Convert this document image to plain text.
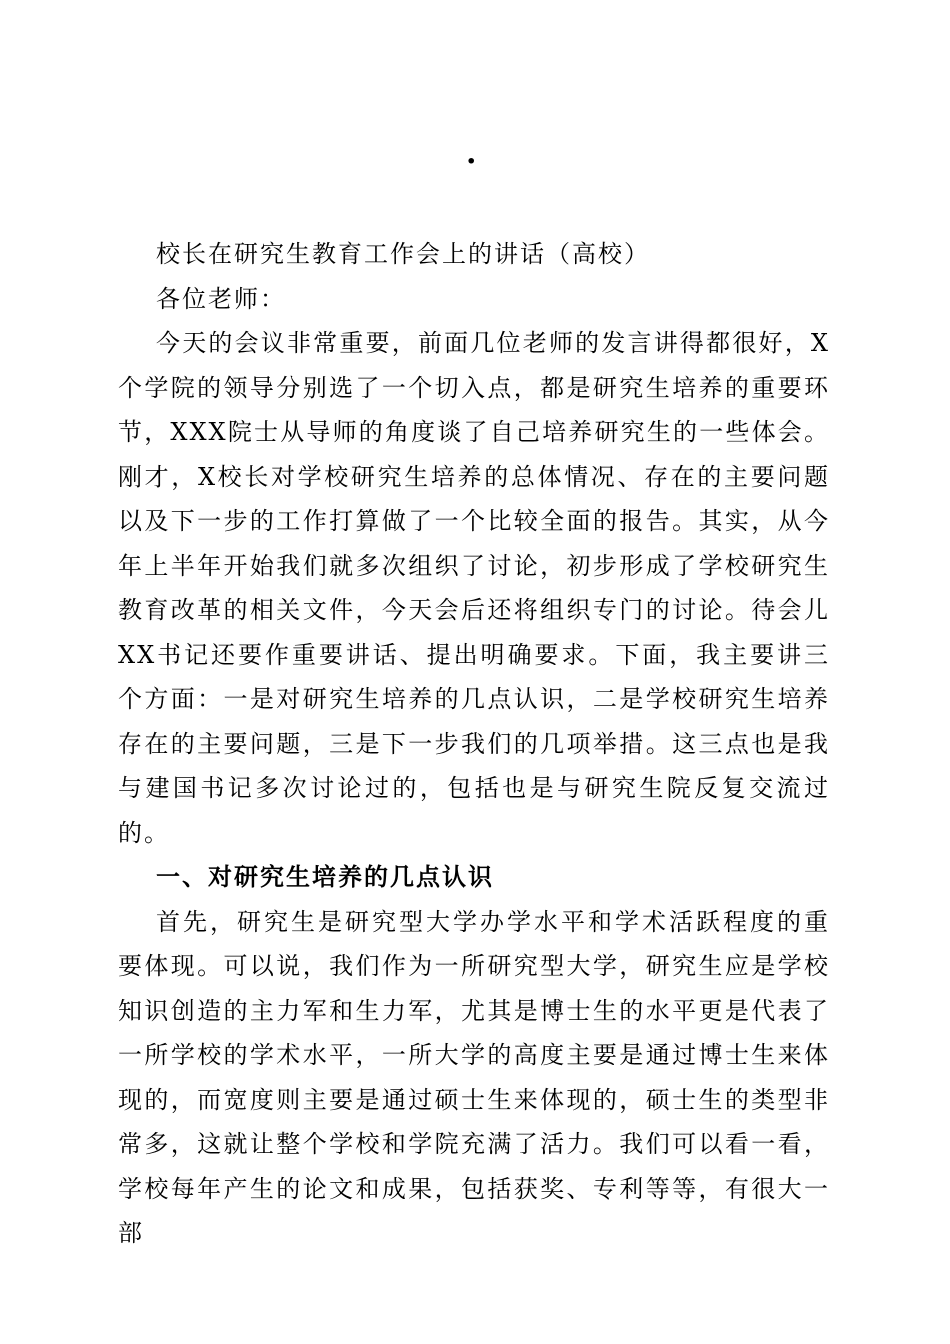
·

校长在研究生教育工作会上的讲话（高校）

各位老师：

今天的会议非常重要，前面几位老师的发言讲得都很好，X个学院的领导分别选了一个切入点，都是研究生培养的重要环节，XXX院士从导师的角度谈了自己培养研究生的一些体会。刚才，X校长对学校研究生培养的总体情况、存在的主要问题以及下一步的工作打算做了一个比较全面的报告。其实，从今年上半年开始我们就多次组织了讨论，初步形成了学校研究生教育改革的相关文件，今天会后还将组织专门的讨论。待会儿XX书记还要作重要讲话、提出明确要求。下面，我主要讲三个方面：一是对研究生培养的几点认识，二是学校研究生培养存在的主要问题，三是下一步我们的几项举措。这三点也是我与建国书记多次讨论过的，包括也是与研究生院反复交流过的。

一、对研究生培养的几点认识

首先，研究生是研究型大学办学水平和学术活跃程度的重要体现。可以说，我们作为一所研究型大学，研究生应是学校知识创造的主力军和生力军，尤其是博士生的水平更是代表了一所学校的学术水平，一所大学的高度主要是通过博士生来体现的，而宽度则主要是通过硕士生来体现的，硕士生的类型非常多，这就让整个学校和学院充满了活力。我们可以看一看，学校每年产生的论文和成果，包括获奖、专利等等，有很大一部
